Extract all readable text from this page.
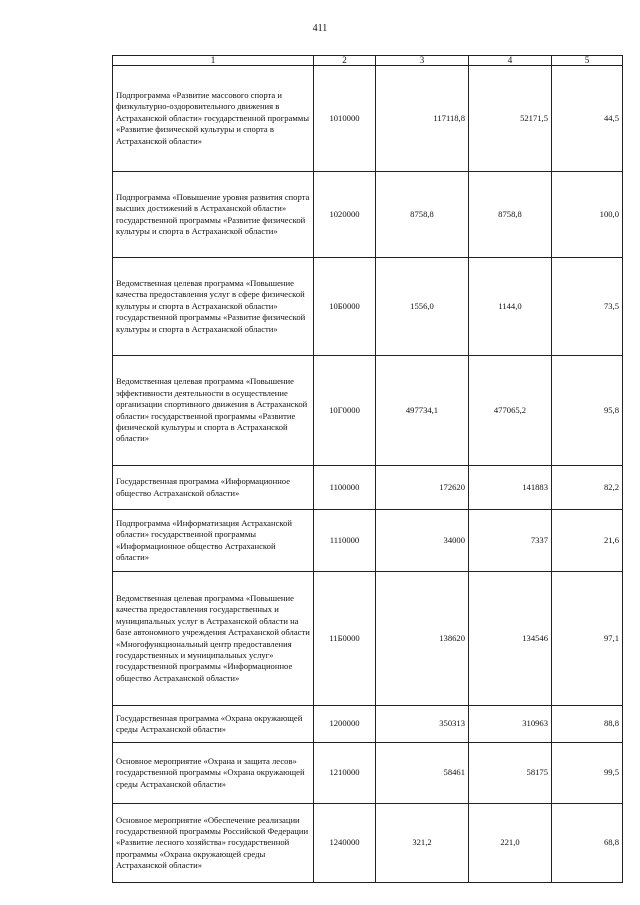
411
1	2	3	4	5
Подпрограмма «Развитие массового спорта и физкультурно-оздоровительного движения в Астраханской области» государственной программы «Развитие физической культуры и спорта в Астраханской области»	1010000	117118,8	52171,5	44,5
Подпрограмма «Повышение уровня развития спорта высших достижений в Астраханской области» государственной программы «Развитие физической культуры и спорта в Астраханской области»	1020000	8758,8	8758,8	100,0
Ведомственная целевая программа «Повышение качества предоставления услуг в сфере физической культуры и спорта в Астраханской области» государственной программы «Развитие физической культуры и спорта в Астраханской области»	10Б0000	1556,0	1144,0	73,5
Ведомственная целевая программа «Повышение эффективности деятельности в осуществление организации спортивного движения в Астраханской области» государственной программы «Развитие физической культуры и спорта в Астраханской области»	10Г0000	497734,1	477065,2	95,8
Государственная программа «Информационное общество Астраханской области»	1100000	172620	141883	82,2
Подпрограмма «Информатизация Астраханской области» государственной программы «Информационное общество Астраханской области»	1110000	34000	7337	21,6
Ведомственная целевая программа «Повышение качества предоставления государственных и муниципальных услуг в Астраханской области на базе автономного учреждения Астраханской области «Многофункциональный центр предоставления государственных и муниципальных услуг» государственной программы «Информационное общество Астраханской области»	11Б0000	138620	134546	97,1
Государственная программа «Охрана окружающей среды Астраханской области»	1200000	350313	310963	88,8
Основное мероприятие «Охрана и защита лесов» государственной программы «Охрана окружающей среды Астраханской области»	1210000	58461	58175	99,5
Основное мероприятие «Обеспечение реализации государственной программы Российской Федерации «Развитие лесного хозяйства» государственной программы «Охрана окружающей среды Астраханской области»	1240000	321,2	221,0	68,8
